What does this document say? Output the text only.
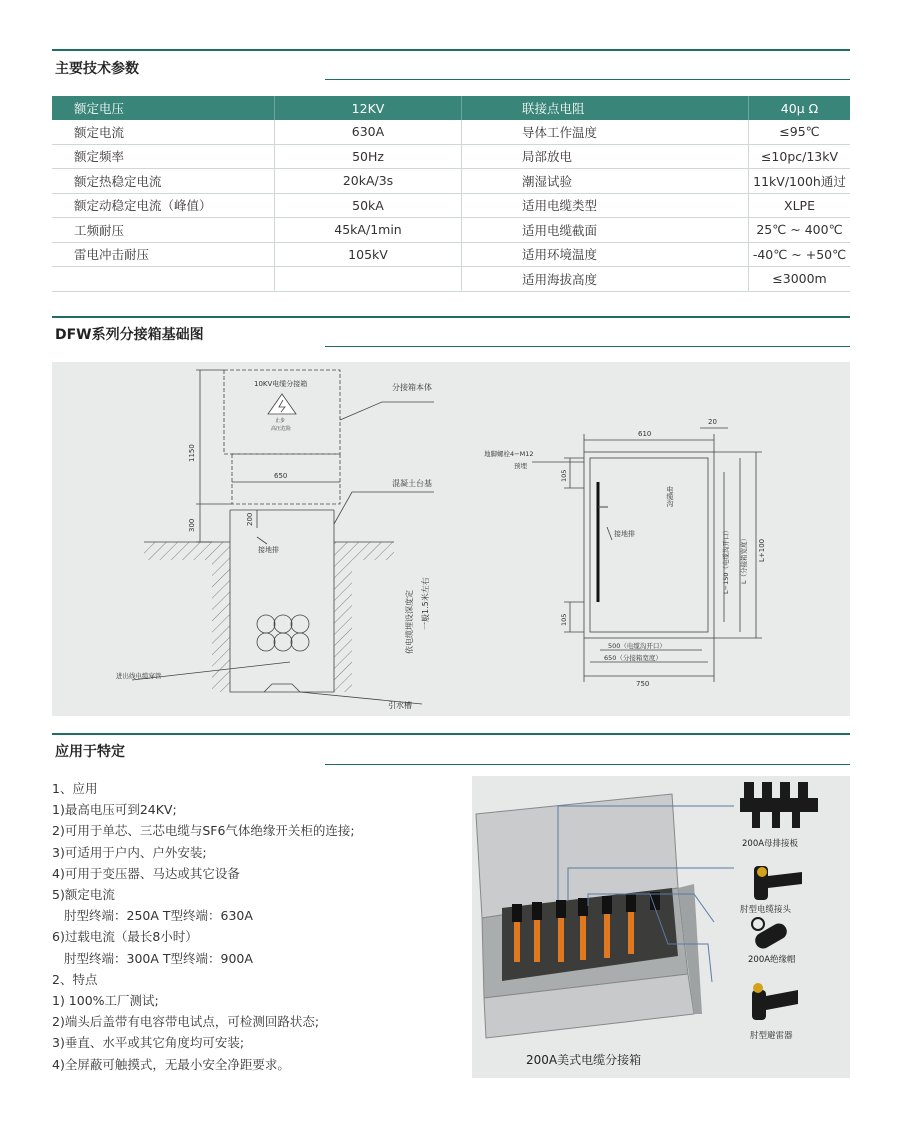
主要技术参数
额定电压	12KV	联接点电阻	40μ Ω
额定电流	630A	导体工作温度	≤95℃
额定频率	50Hz	局部放电	≤10pc/13kV
额定热稳定电流	20kA/3s	潮湿试验	11kV/100h通过
额定动稳定电流（峰值）	50kA	适用电缆类型	XLPE
工频耐压	45kA/1min	适用电缆截面	25℃ ~ 400℃
雷电冲击耐压	105kV	适用环境温度	-40℃ ~ +50℃
		适用海拔高度	≤3000m
DFW系列分接箱基础图
10KV电缆分接箱
止步
高压危险
1150
300
650
200
分接箱本体
混凝土台基
接地排
依电缆埋设深度定 一般1.5米左右
进出线电缆穿管
引水槽
610
20
地脚螺栓4−M12
预埋
105
105
电缆沟
接地排	L−150（电缆沟开口） L（分接箱宽度） L+100
500（电缆沟开口）
650（分接箱宽度）
750
应用于特定
1、应用
1)最高电压可到24KV;
2)可用于单芯、三芯电缆与SF6气体绝缘开关柜的连接;
3)可适用于户内、户外安装;
4)可用于变压器、马达或其它设备
5)额定电流
肘型终端：250A T型终端：630A
6)过载电流（最长8小时）
肘型终端：300A T型终端：900A
2、特点
1) 100%工厂测试;
2)端头后盖带有电容带电试点，可检测回路状态;
3)垂直、水平或其它角度均可安装;
4)全屏蔽可触摸式，无最小安全净距要求。
200A母排接板
肘型电缆接头
200A绝缘帽
肘型避雷器
200A美式电缆分接箱
